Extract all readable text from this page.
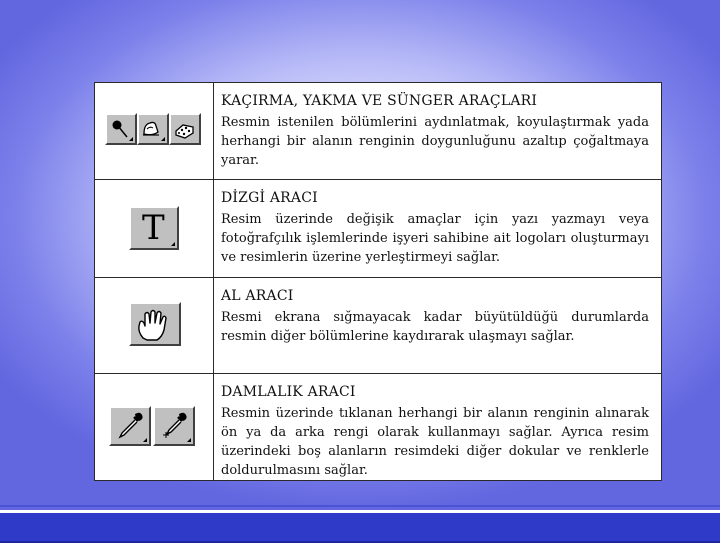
KAÇIRMA, YAKMA VE SÜNGER ARAÇLARI
Resmin istenilen bölümlerini aydınlatmak, koyulaştırmak yada herhangi bir alanın renginin doygunluğunu azaltıp çoğaltmaya yarar.
T
DİZGİ ARACI
Resim üzerinde değişik amaçlar için yazı yazmayı veya fotoğrafçılık işlemlerinde işyeri sahibine ait logoları oluşturmayı ve resimlerin üzerine yerleştirmeyi sağlar.
AL ARACI
Resmi ekrana sığmayacak kadar büyütüldüğü durumlarda resmin diğer bölümlerine kaydırarak ulaşmayı sağlar.
DAMLALIK ARACI
Resmin üzerinde tıklanan herhangi bir alanın renginin alınarak ön ya da arka rengi olarak kullanmayı sağlar. Ayrıca resim üzerindeki boş alanların resimdeki diğer dokular ve renklerle doldurulmasını sağlar.
